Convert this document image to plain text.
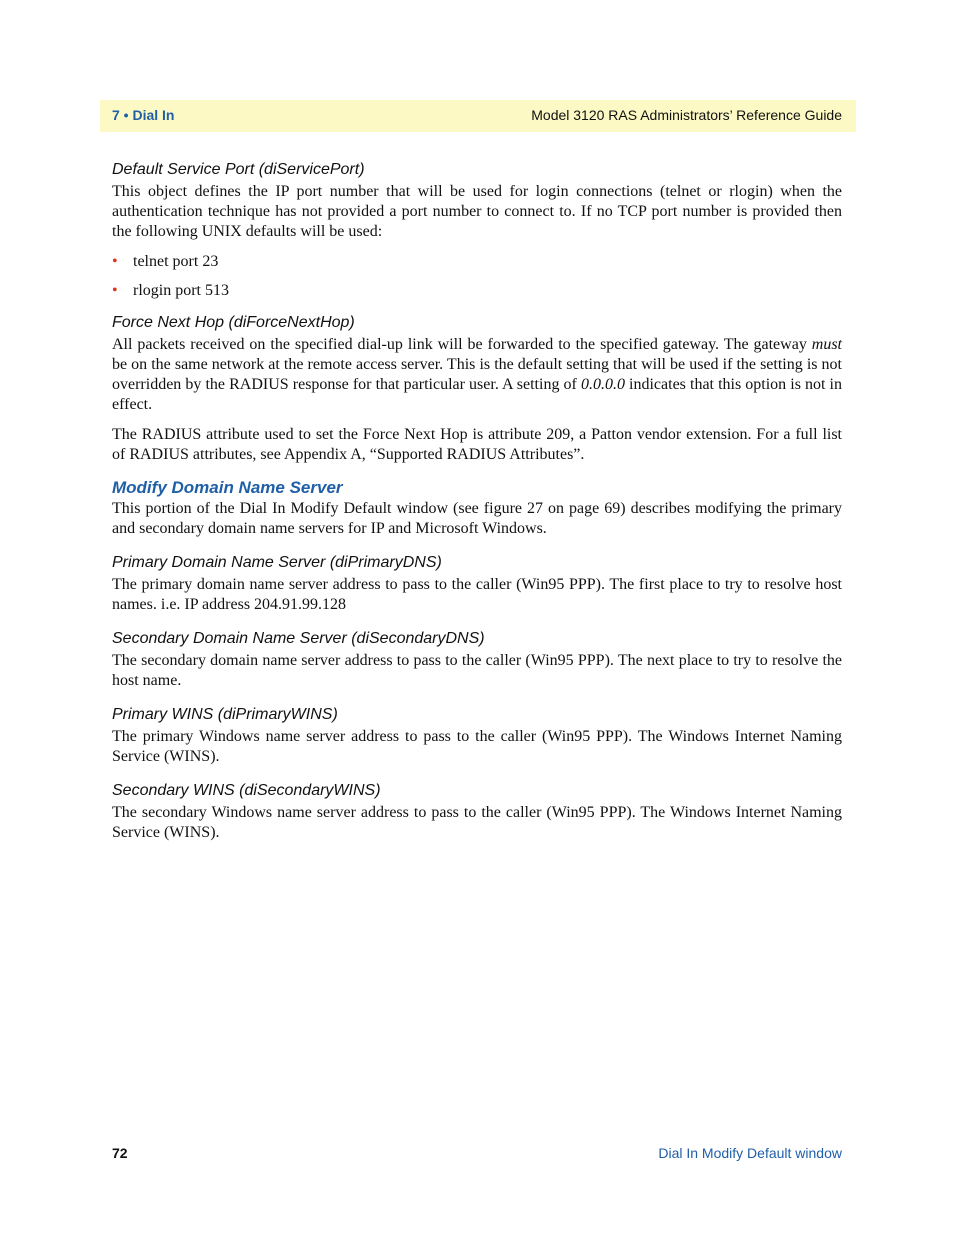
7 • Dial In	Model 3120 RAS Administrators’ Reference Guide

Default Service Port (diServicePort)

This object defines the IP port number that will be used for login connections (telnet or rlogin) when the authentication technique has not provided a port number to connect to. If no TCP port number is provided then the following UNIX defaults will be used:

• telnet port 23
• rlogin port 513

Force Next Hop (diForceNextHop)

All packets received on the specified dial-up link will be forwarded to the specified gateway. The gateway must be on the same network at the remote access server. This is the default setting that will be used if the setting is not overridden by the RADIUS response for that particular user. A setting of 0.0.0.0 indicates that this option is not in effect.

The RADIUS attribute used to set the Force Next Hop is attribute 209, a Patton vendor extension. For a full list of RADIUS attributes, see Appendix A, “Supported RADIUS Attributes”.

Modify Domain Name Server

This portion of the Dial In Modify Default window (see figure 27 on page 69) describes modifying the primary and secondary domain name servers for IP and Microsoft Windows.

Primary Domain Name Server (diPrimaryDNS)

The primary domain name server address to pass to the caller (Win95 PPP). The first place to try to resolve host names. i.e. IP address 204.91.99.128

Secondary Domain Name Server (diSecondaryDNS)

The secondary domain name server address to pass to the caller (Win95 PPP). The next place to try to resolve the host name.

Primary WINS (diPrimaryWINS)

The primary Windows name server address to pass to the caller (Win95 PPP). The Windows Internet Naming Service (WINS).

Secondary WINS (diSecondaryWINS)

The secondary Windows name server address to pass to the caller (Win95 PPP). The Windows Internet Naming Service (WINS).

72	Dial In Modify Default window
